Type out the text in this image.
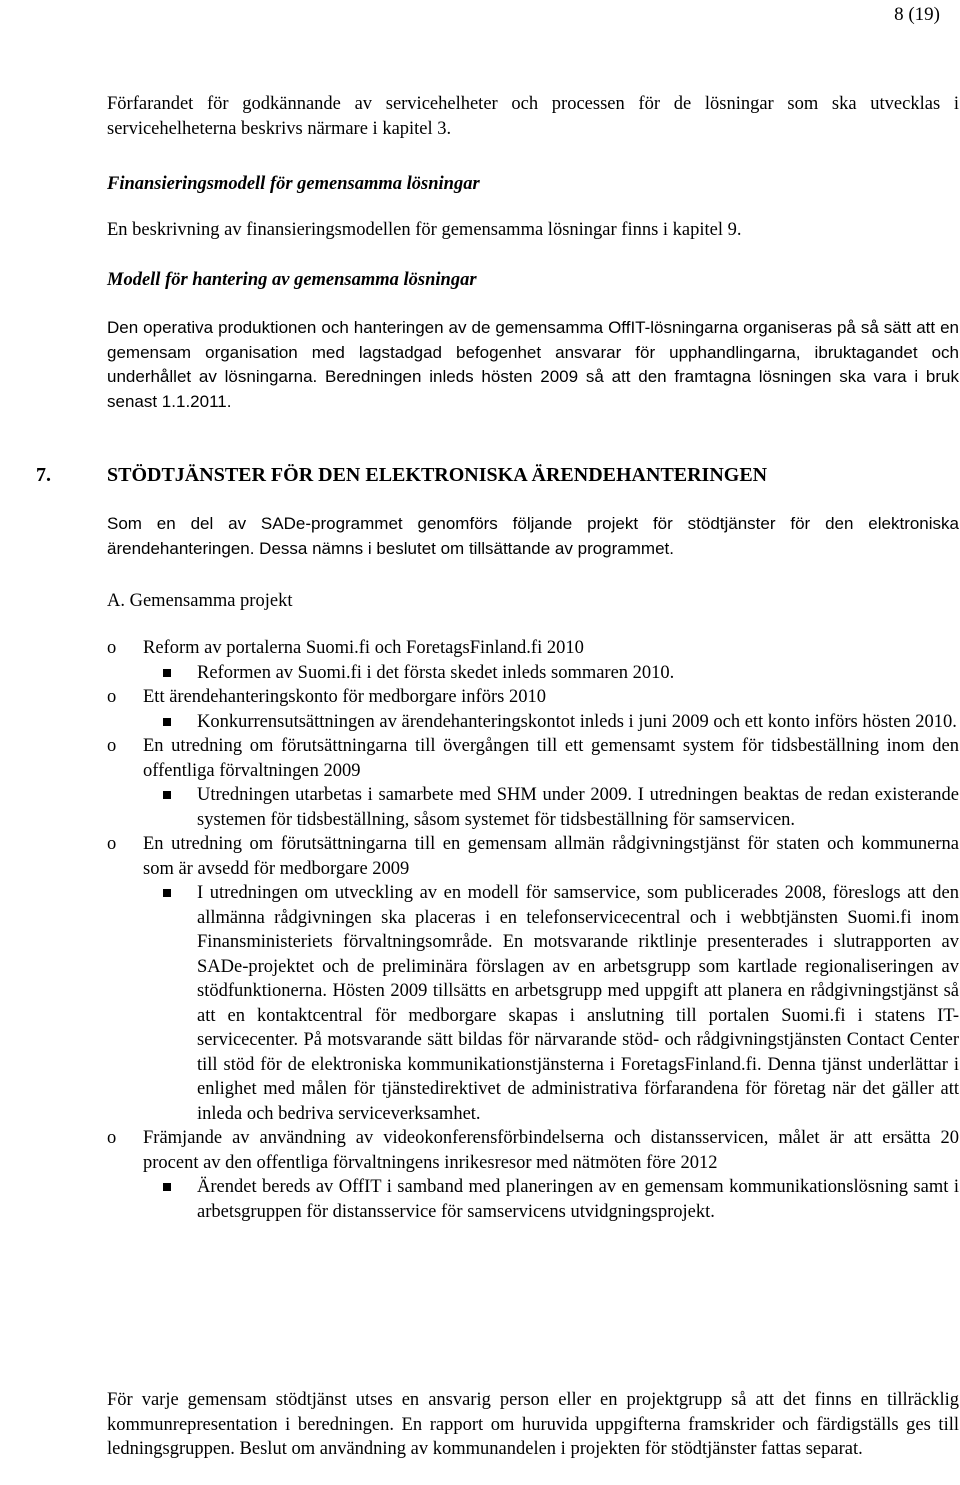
8 (19)

Förfarandet för godkännande av servicehelheter och processen för de lösningar som ska utvecklas i servicehelheterna beskrivs närmare i kapitel 3.

Finansieringsmodell för gemensamma lösningar

En beskrivning av finansieringsmodellen för gemensamma lösningar finns i kapitel 9.

Modell för hantering av gemensamma lösningar

Den operativa produktionen och hanteringen av de gemensamma OffIT-lösningarna organiseras på så sätt att en gemensam organisation med lagstadgad befogenhet ansvarar för upphandlingarna, ibruktagandet och underhållet av lösningarna. Beredningen inleds hösten 2009 så att den framtagna lösningen ska vara i bruk senast 1.1.2011.

7.	STÖDTJÄNSTER FÖR DEN ELEKTRONISKA ÄRENDEHANTERINGEN

Som en del av SADe-programmet genomförs följande projekt för stödtjänster för den elektroniska ärendehanteringen. Dessa nämns i beslutet om tillsättande av programmet.

A. Gemensamma projekt
o Reform av portalerna Suomi.fi och ForetagsFinland.fi 2010
Reformen av Suomi.fi i det första skedet inleds sommaren 2010.
o Ett ärendehanteringskonto för medborgare införs 2010
Konkurrensutsättningen av ärendehanteringskontot inleds i juni 2009 och ett konto införs hösten 2010.
o En utredning om förutsättningarna till övergången till ett gemensamt system för tidsbeställning inom den offentliga förvaltningen 2009
Utredningen utarbetas i samarbete med SHM under 2009. I utredningen beaktas de redan existerande systemen för tidsbeställning, såsom systemet för tidsbeställning för samservicen.
o En utredning om förutsättningarna till en gemensam allmän rådgivningstjänst för staten och kommunerna som är avsedd för medborgare 2009
I utredningen om utveckling av en modell för samservice, som publicerades 2008, föreslogs att den allmänna rådgivningen ska placeras i en telefonservicecentral och i webbtjänsten Suomi.fi inom Finansministeriets förvaltningsområde. En motsvarande riktlinje presenterades i slutrapporten av SADe-projektet och de preliminära förslagen av en arbetsgrupp som kartlade regionaliseringen av stödfunktionerna. Hösten 2009 tillsätts en arbetsgrupp med uppgift att planera en rådgivningstjänst så att en kontaktcentral för medborgare skapas i anslutning till portalen Suomi.fi i statens IT-servicecenter. På motsvarande sätt bildas för närvarande stöd- och rådgivningstjänsten Contact Center till stöd för de elektroniska kommunikationstjänsterna i ForetagsFinland.fi. Denna tjänst underlättar i enlighet med målen för tjänstedirektivet de administrativa förfarandena för företag när det gäller att inleda och bedriva serviceverksamhet.
o Främjande av användning av videokonferensförbindelserna och distansservicen, målet är att ersätta 20 procent av den offentliga förvaltningens inrikesresor med nätmöten före 2012
Ärendet bereds av OffIT i samband med planeringen av en gemensam kommunikationslösning samt i arbetsgruppen för distansservice för samservicens utvidgningsprojekt.

För varje gemensam stödtjänst utses en ansvarig person eller en projektgrupp så att det finns en tillräcklig kommunrepresentation i beredningen. En rapport om huruvida uppgifterna framskrider och färdigställs ges till ledningsgruppen. Beslut om användning av kommunandelen i projekten för stödtjänster fattas separat.
